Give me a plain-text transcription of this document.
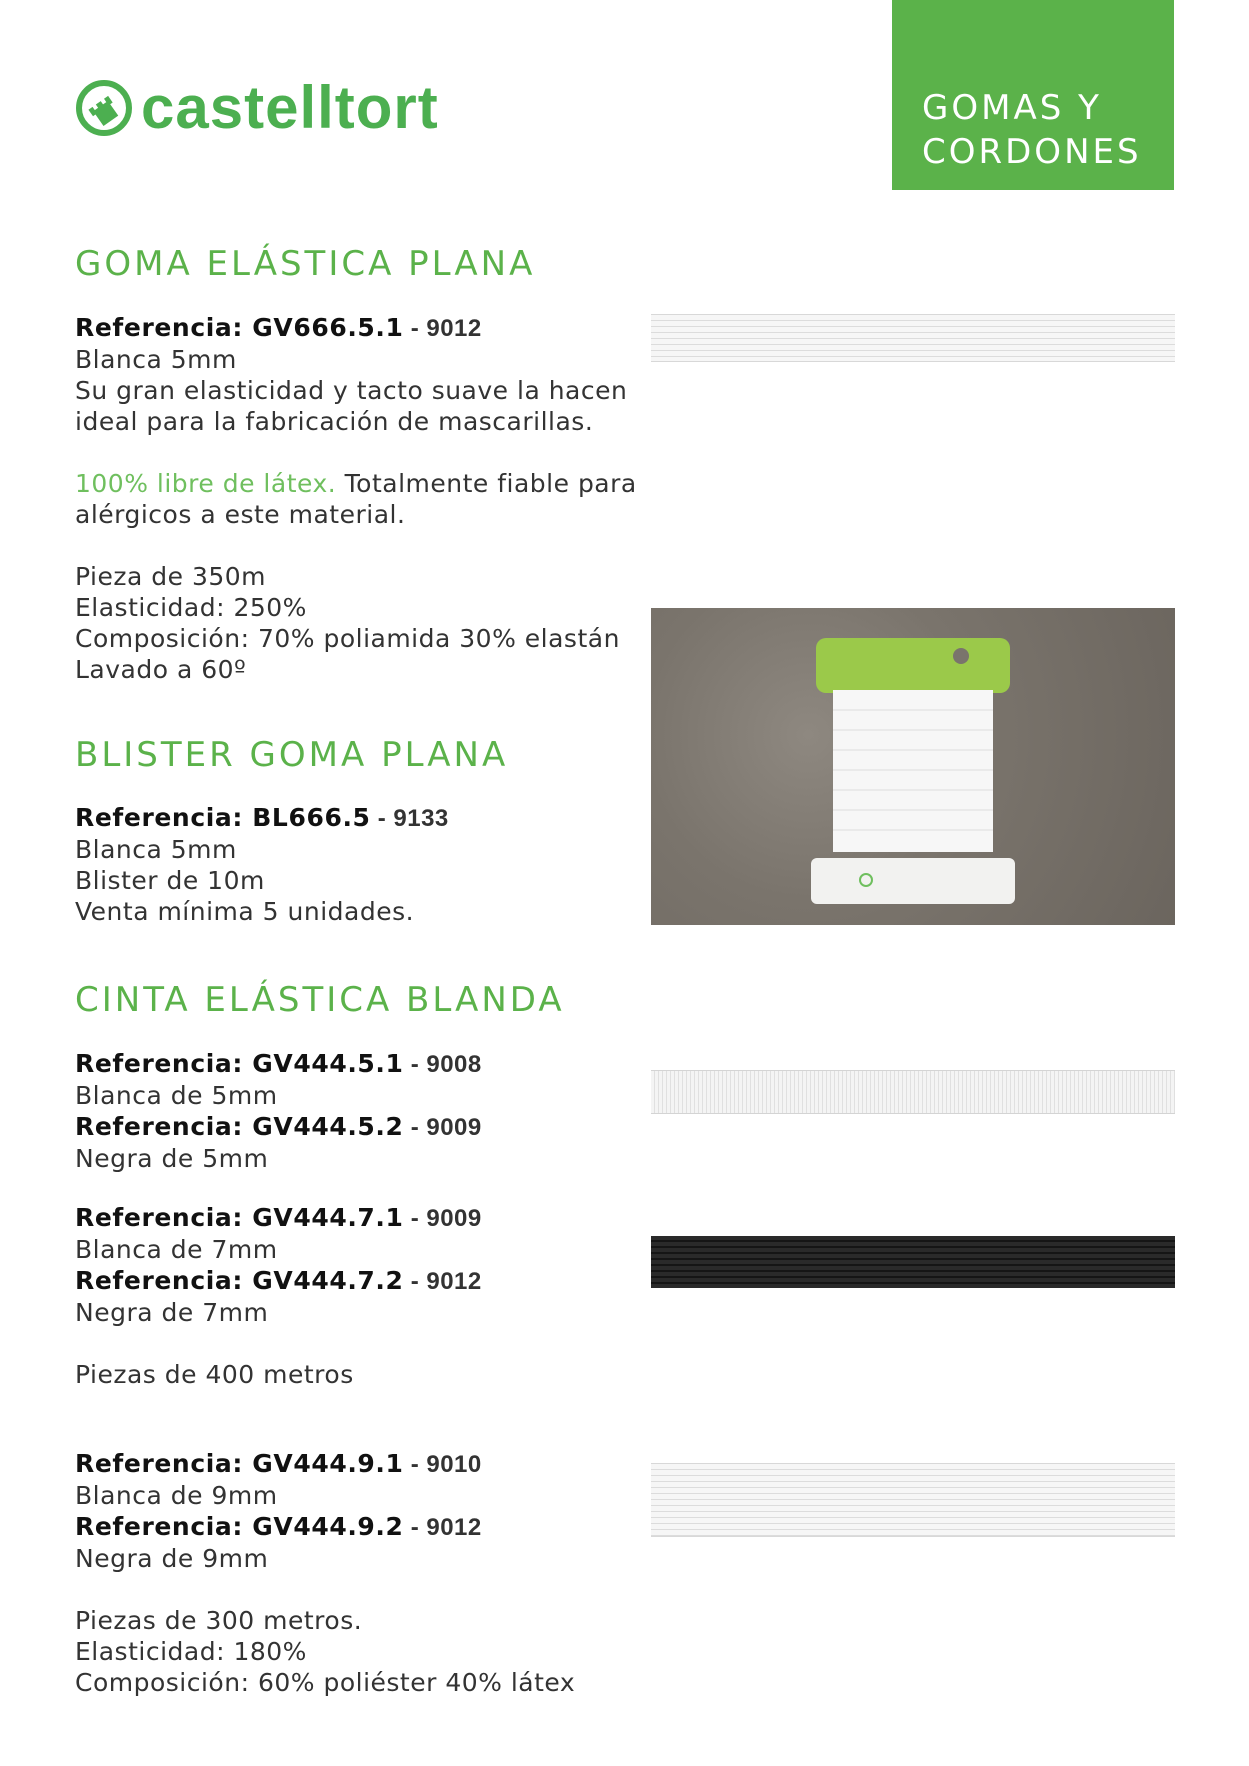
castelltort	GOMAS Y
CORDONES
GOMA ELÁSTICA PLANA

Referencia: GV666.5.1 - 9012

Blanca 5mm

Su gran elasticidad y tacto suave la hacen

ideal para la fabricación de mascarillas.

100% libre de látex. Totalmente fiable para

alérgicos a este material.

Pieza de 350m

Elasticidad: 250%

Composición: 70% poliamida 30% elastán

Lavado a 60º

BLISTER GOMA PLANA

Referencia: BL666.5 - 9133

Blanca 5mm

Blister de 10m

Venta mínima 5 unidades.

CINTA ELÁSTICA BLANDA

Referencia: GV444.5.1 - 9008

Blanca de 5mm

Referencia: GV444.5.2 - 9009

Negra de 5mm

Referencia: GV444.7.1 - 9009

Blanca de 7mm

Referencia: GV444.7.2 - 9012

Negra de 7mm

Piezas de 400 metros

Referencia: GV444.9.1 - 9010

Blanca de 9mm

Referencia: GV444.9.2 - 9012

Negra de 9mm

Piezas de 300 metros.

Elasticidad: 180%

Composición: 60% poliéster 40% látex
